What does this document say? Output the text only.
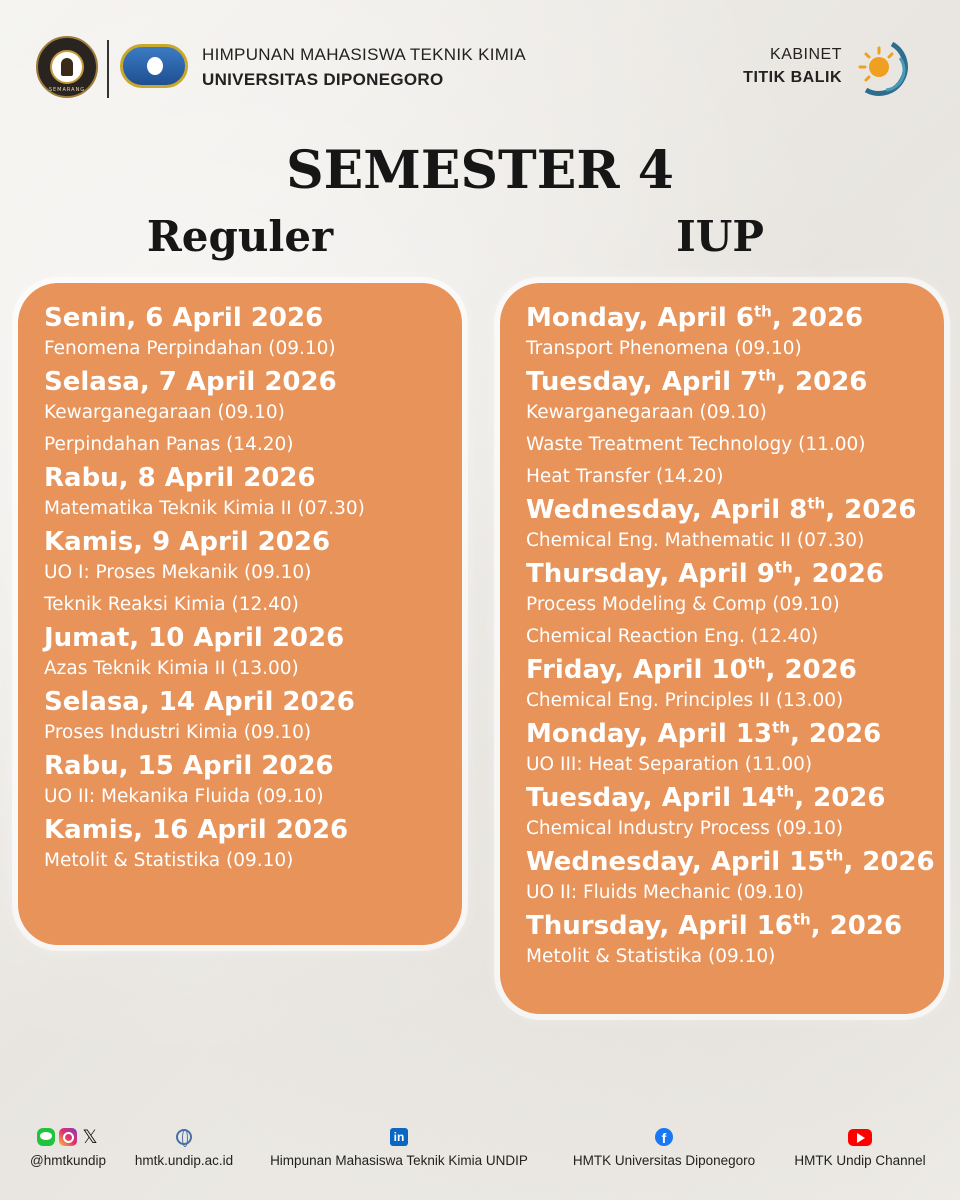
SEMARANG
HIMPUNAN MAHASISWA TEKNIK KIMIA
UNIVERSITAS DIPONEGORO
KABINET
TITIK BALIK
SEMESTER 4
Reguler	IUP
Senin, 6 April 2026
Fenomena Perpindahan (09.10)
Selasa, 7 April 2026
Kewarganegaraan (09.10)
Perpindahan Panas (14.20)
Rabu, 8 April 2026
Matematika Teknik Kimia II (07.30)
Kamis, 9 April 2026
UO I: Proses Mekanik (09.10)
Teknik Reaksi Kimia (12.40)
Jumat, 10 April 2026
Azas Teknik Kimia II (13.00)
Selasa, 14 April 2026
Proses Industri Kimia (09.10)
Rabu, 15 April 2026
UO II: Mekanika Fluida (09.10)
Kamis, 16 April 2026
Metolit & Statistika (09.10)
Monday, April 6th, 2026
Transport Phenomena (09.10)
Tuesday, April 7th, 2026
Kewarganegaraan (09.10)
Waste Treatment Technology (11.00)
Heat Transfer (14.20)
Wednesday, April 8th, 2026
Chemical Eng. Mathematic II (07.30)
Thursday, April 9th, 2026
Process Modeling & Comp (09.10)
Chemical Reaction Eng. (12.40)
Friday, April 10th, 2026
Chemical Eng. Principles II (13.00)
Monday, April 13th, 2026
UO III: Heat Separation (11.00)
Tuesday, April 14th, 2026
Chemical Industry Process (09.10)
Wednesday, April 15th, 2026
UO II: Fluids Mechanic (09.10)
Thursday, April 16th, 2026
Metolit & Statistika (09.10)
𝕏
@hmtkundip	hmtk.undip.ac.id
in
Himpunan Mahasiswa Teknik Kimia UNDIP
f
HMTK Universitas Diponegoro	HMTK Undip Channel
